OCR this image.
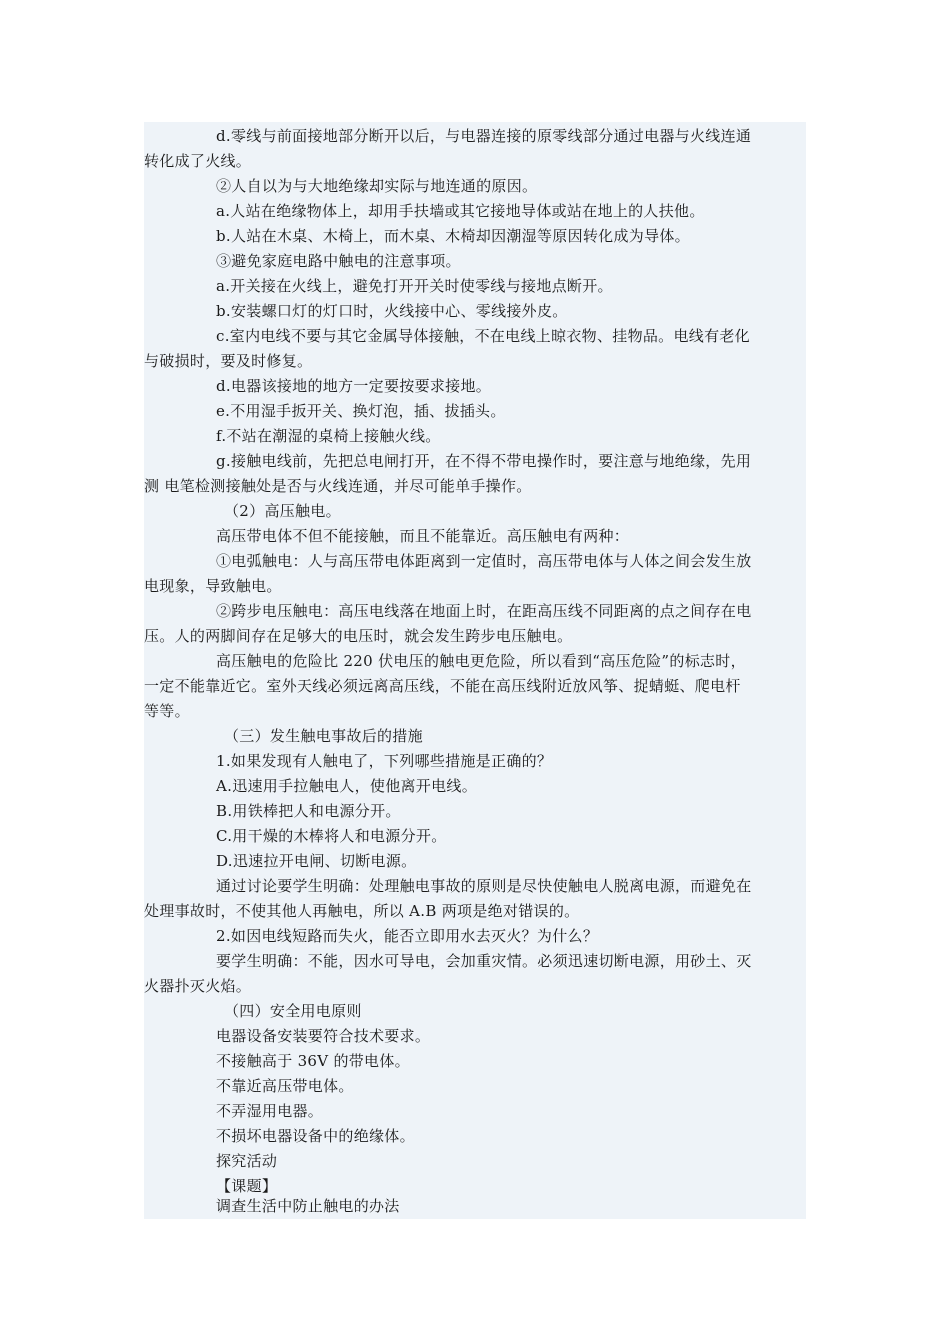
d.零线与前面接地部分断开以后，与电器连接的原零线部分通过电器与火线连通
转化成了火线。
②人自以为与大地绝缘却实际与地连通的原因。
a.人站在绝缘物体上，却用手扶墙或其它接地导体或站在地上的人扶他。
b.人站在木桌、木椅上，而木桌、木椅却因潮湿等原因转化成为导体。
③避免家庭电路中触电的注意事项。
a.开关接在火线上，避免打开开关时使零线与接地点断开。
b.安装螺口灯的灯口时，火线接中心、零线接外皮。
c.室内电线不要与其它金属导体接触，不在电线上晾衣物、挂物品。电线有老化
与破损时，要及时修复。
d.电器该接地的地方一定要按要求接地。
e.不用湿手扳开关、换灯泡，插、拔插头。
f.不站在潮湿的桌椅上接触火线。
g.接触电线前，先把总电闸打开，在不得不带电操作时，要注意与地绝缘，先用
测 电笔检测接触处是否与火线连通，并尽可能单手操作。
（2）高压触电。
高压带电体不但不能接触，而且不能靠近。高压触电有两种：
①电弧触电：人与高压带电体距离到一定值时，高压带电体与人体之间会发生放
电现象，导致触电。
②跨步电压触电：高压电线落在地面上时，在距高压线不同距离的点之间存在电
压。人的两脚间存在足够大的电压时，就会发生跨步电压触电。
高压触电的危险比 220 伏电压的触电更危险，所以看到“高压危险”的标志时，
一定不能靠近它。室外天线必须远离高压线，不能在高压线附近放风筝、捉蜻蜓、爬电杆
等等。
（三）发生触电事故后的措施
1.如果发现有人触电了，下列哪些措施是正确的？
A.迅速用手拉触电人，使他离开电线。
B.用铁棒把人和电源分开。
C.用干燥的木棒将人和电源分开。
D.迅速拉开电闸、切断电源。
通过讨论要学生明确：处理触电事故的原则是尽快使触电人脱离电源，而避免在
处理事故时，不使其他人再触电，所以 A.B 两项是绝对错误的。
2.如因电线短路而失火，能否立即用水去灭火？为什么？
要学生明确：不能，因水可导电，会加重灾情。必须迅速切断电源，用砂土、灭
火器扑灭火焰。
（四）安全用电原则
电器设备安装要符合技术要求。
不接触高于 36V 的带电体。
不靠近高压带电体。
不弄湿用电器。
不损坏电器设备中的绝缘体。
探究活动
【课题】
调查生活中防止触电的办法
